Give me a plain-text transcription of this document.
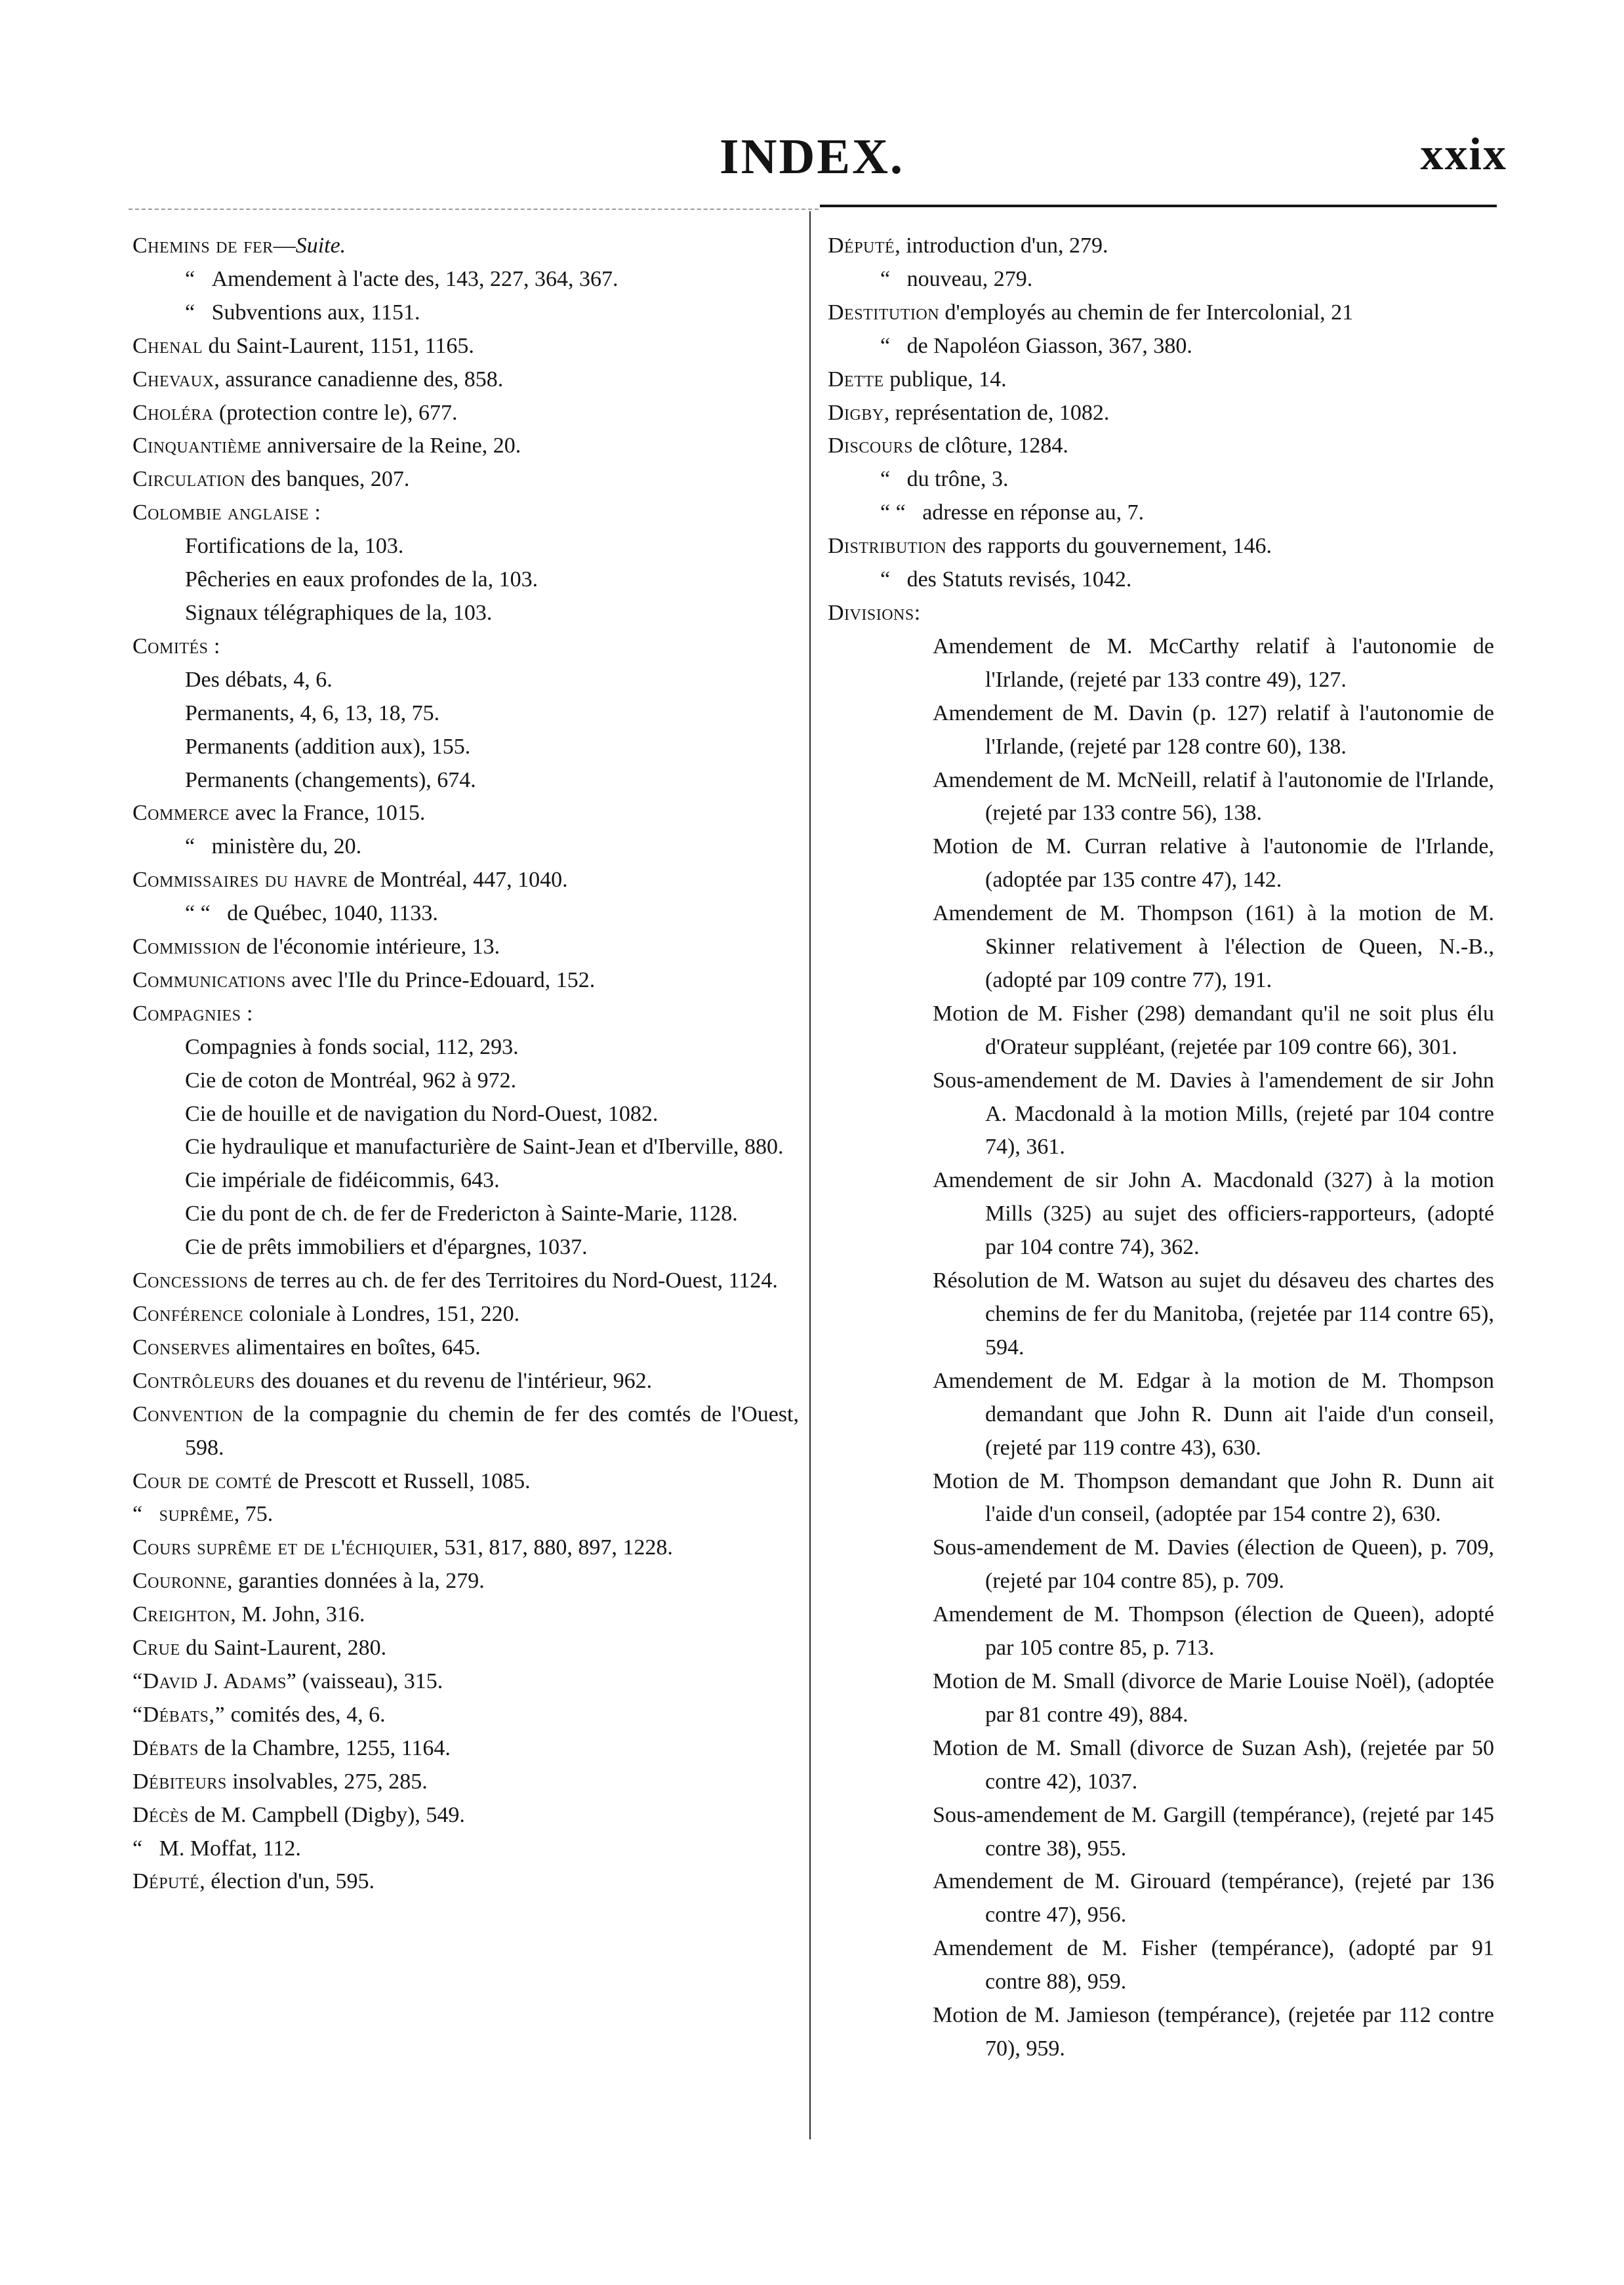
INDEX.	xxix
Chemins de fer—Suite.
“ Amendement à l'acte des, 143, 227, 364, 367.
“ Subventions aux, 1151.
Chenal du Saint-Laurent, 1151, 1165.
Chevaux, assurance canadienne des, 858.
Choléra (protection contre le), 677.
Cinquantième anniversaire de la Reine, 20.
Circulation des banques, 207.
Colombie anglaise :
Fortifications de la, 103.
Pêcheries en eaux profondes de la, 103.
Signaux télégraphiques de la, 103.
Comités :
Des débats, 4, 6.
Permanents, 4, 6, 13, 18, 75.
Permanents (addition aux), 155.
Permanents (changements), 674.
Commerce avec la France, 1015.
“ ministère du, 20.
Commissaires du havre de Montréal, 447, 1040.
“ “ de Québec, 1040, 1133.
Commission de l'économie intérieure, 13.
Communications avec l'Ile du Prince-Edouard, 152.
Compagnies :
Compagnies à fonds social, 112, 293.
Cie de coton de Montréal, 962 à 972.
Cie de houille et de navigation du Nord-Ouest, 1082.
Cie hydraulique et manufacturière de Saint-Jean et d'Iberville, 880.
Cie impériale de fidéicommis, 643.
Cie du pont de ch. de fer de Fredericton à Sainte-Marie, 1128.
Cie de prêts immobiliers et d'épargnes, 1037.
Concessions de terres au ch. de fer des Territoires du Nord-Ouest, 1124.
Conférence coloniale à Londres, 151, 220.
Conserves alimentaires en boîtes, 645.
Contrôleurs des douanes et du revenu de l'intérieur, 962.
Convention de la compagnie du chemin de fer des comtés de l'Ouest, 598.
Cour de comté de Prescott et Russell, 1085.
“ suprême, 75.
Cours suprême et de l'échiquier, 531, 817, 880, 897, 1228.
Couronne, garanties données à la, 279.
Creighton, M. John, 316.
Crue du Saint-Laurent, 280.
“David J. Adams” (vaisseau), 315.
“Débats,” comités des, 4, 6.
Débats de la Chambre, 1255, 1164.
Débiteurs insolvables, 275, 285.
Décès de M. Campbell (Digby), 549.
“ M. Moffat, 112.
Député, élection d'un, 595.
Député, introduction d'un, 279.
“ nouveau, 279.
Destitution d'employés au chemin de fer Intercolonial, 21
“ de Napoléon Giasson, 367, 380.
Dette publique, 14.
Digby, représentation de, 1082.
Discours de clôture, 1284.
“ du trône, 3.
“ “ adresse en réponse au, 7.
Distribution des rapports du gouvernement, 146.
“ des Statuts revisés, 1042.
Divisions:
Amendement de M. McCarthy relatif à l'autonomie de l'Irlande, (rejeté par 133 contre 49), 127.
Amendement de M. Davin (p. 127) relatif à l'autonomie de l'Irlande, (rejeté par 128 contre 60), 138.
Amendement de M. McNeill, relatif à l'autonomie de l'Irlande, (rejeté par 133 contre 56), 138.
Motion de M. Curran relative à l'autonomie de l'Irlande, (adoptée par 135 contre 47), 142.
Amendement de M. Thompson (161) à la motion de M. Skinner relativement à l'élection de Queen, N.-B., (adopté par 109 contre 77), 191.
Motion de M. Fisher (298) demandant qu'il ne soit plus élu d'Orateur suppléant, (rejetée par 109 contre 66), 301.
Sous-amendement de M. Davies à l'amendement de sir John A. Macdonald à la motion Mills, (rejeté par 104 contre 74), 361.
Amendement de sir John A. Macdonald (327) à la motion Mills (325) au sujet des officiers-rapporteurs, (adopté par 104 contre 74), 362.
Résolution de M. Watson au sujet du désaveu des chartes des chemins de fer du Manitoba, (rejetée par 114 contre 65), 594.
Amendement de M. Edgar à la motion de M. Thompson demandant que John R. Dunn ait l'aide d'un conseil, (rejeté par 119 contre 43), 630.
Motion de M. Thompson demandant que John R. Dunn ait l'aide d'un conseil, (adoptée par 154 contre 2), 630.
Sous-amendement de M. Davies (élection de Queen), p. 709, (rejeté par 104 contre 85), p. 709.
Amendement de M. Thompson (élection de Queen), adopté par 105 contre 85, p. 713.
Motion de M. Small (divorce de Marie Louise Noël), (adoptée par 81 contre 49), 884.
Motion de M. Small (divorce de Suzan Ash), (rejetée par 50 contre 42), 1037.
Sous-amendement de M. Gargill (tempérance), (rejeté par 145 contre 38), 955.
Amendement de M. Girouard (tempérance), (rejeté par 136 contre 47), 956.
Amendement de M. Fisher (tempérance), (adopté par 91 contre 88), 959.
Motion de M. Jamieson (tempérance), (rejetée par 112 contre 70), 959.
